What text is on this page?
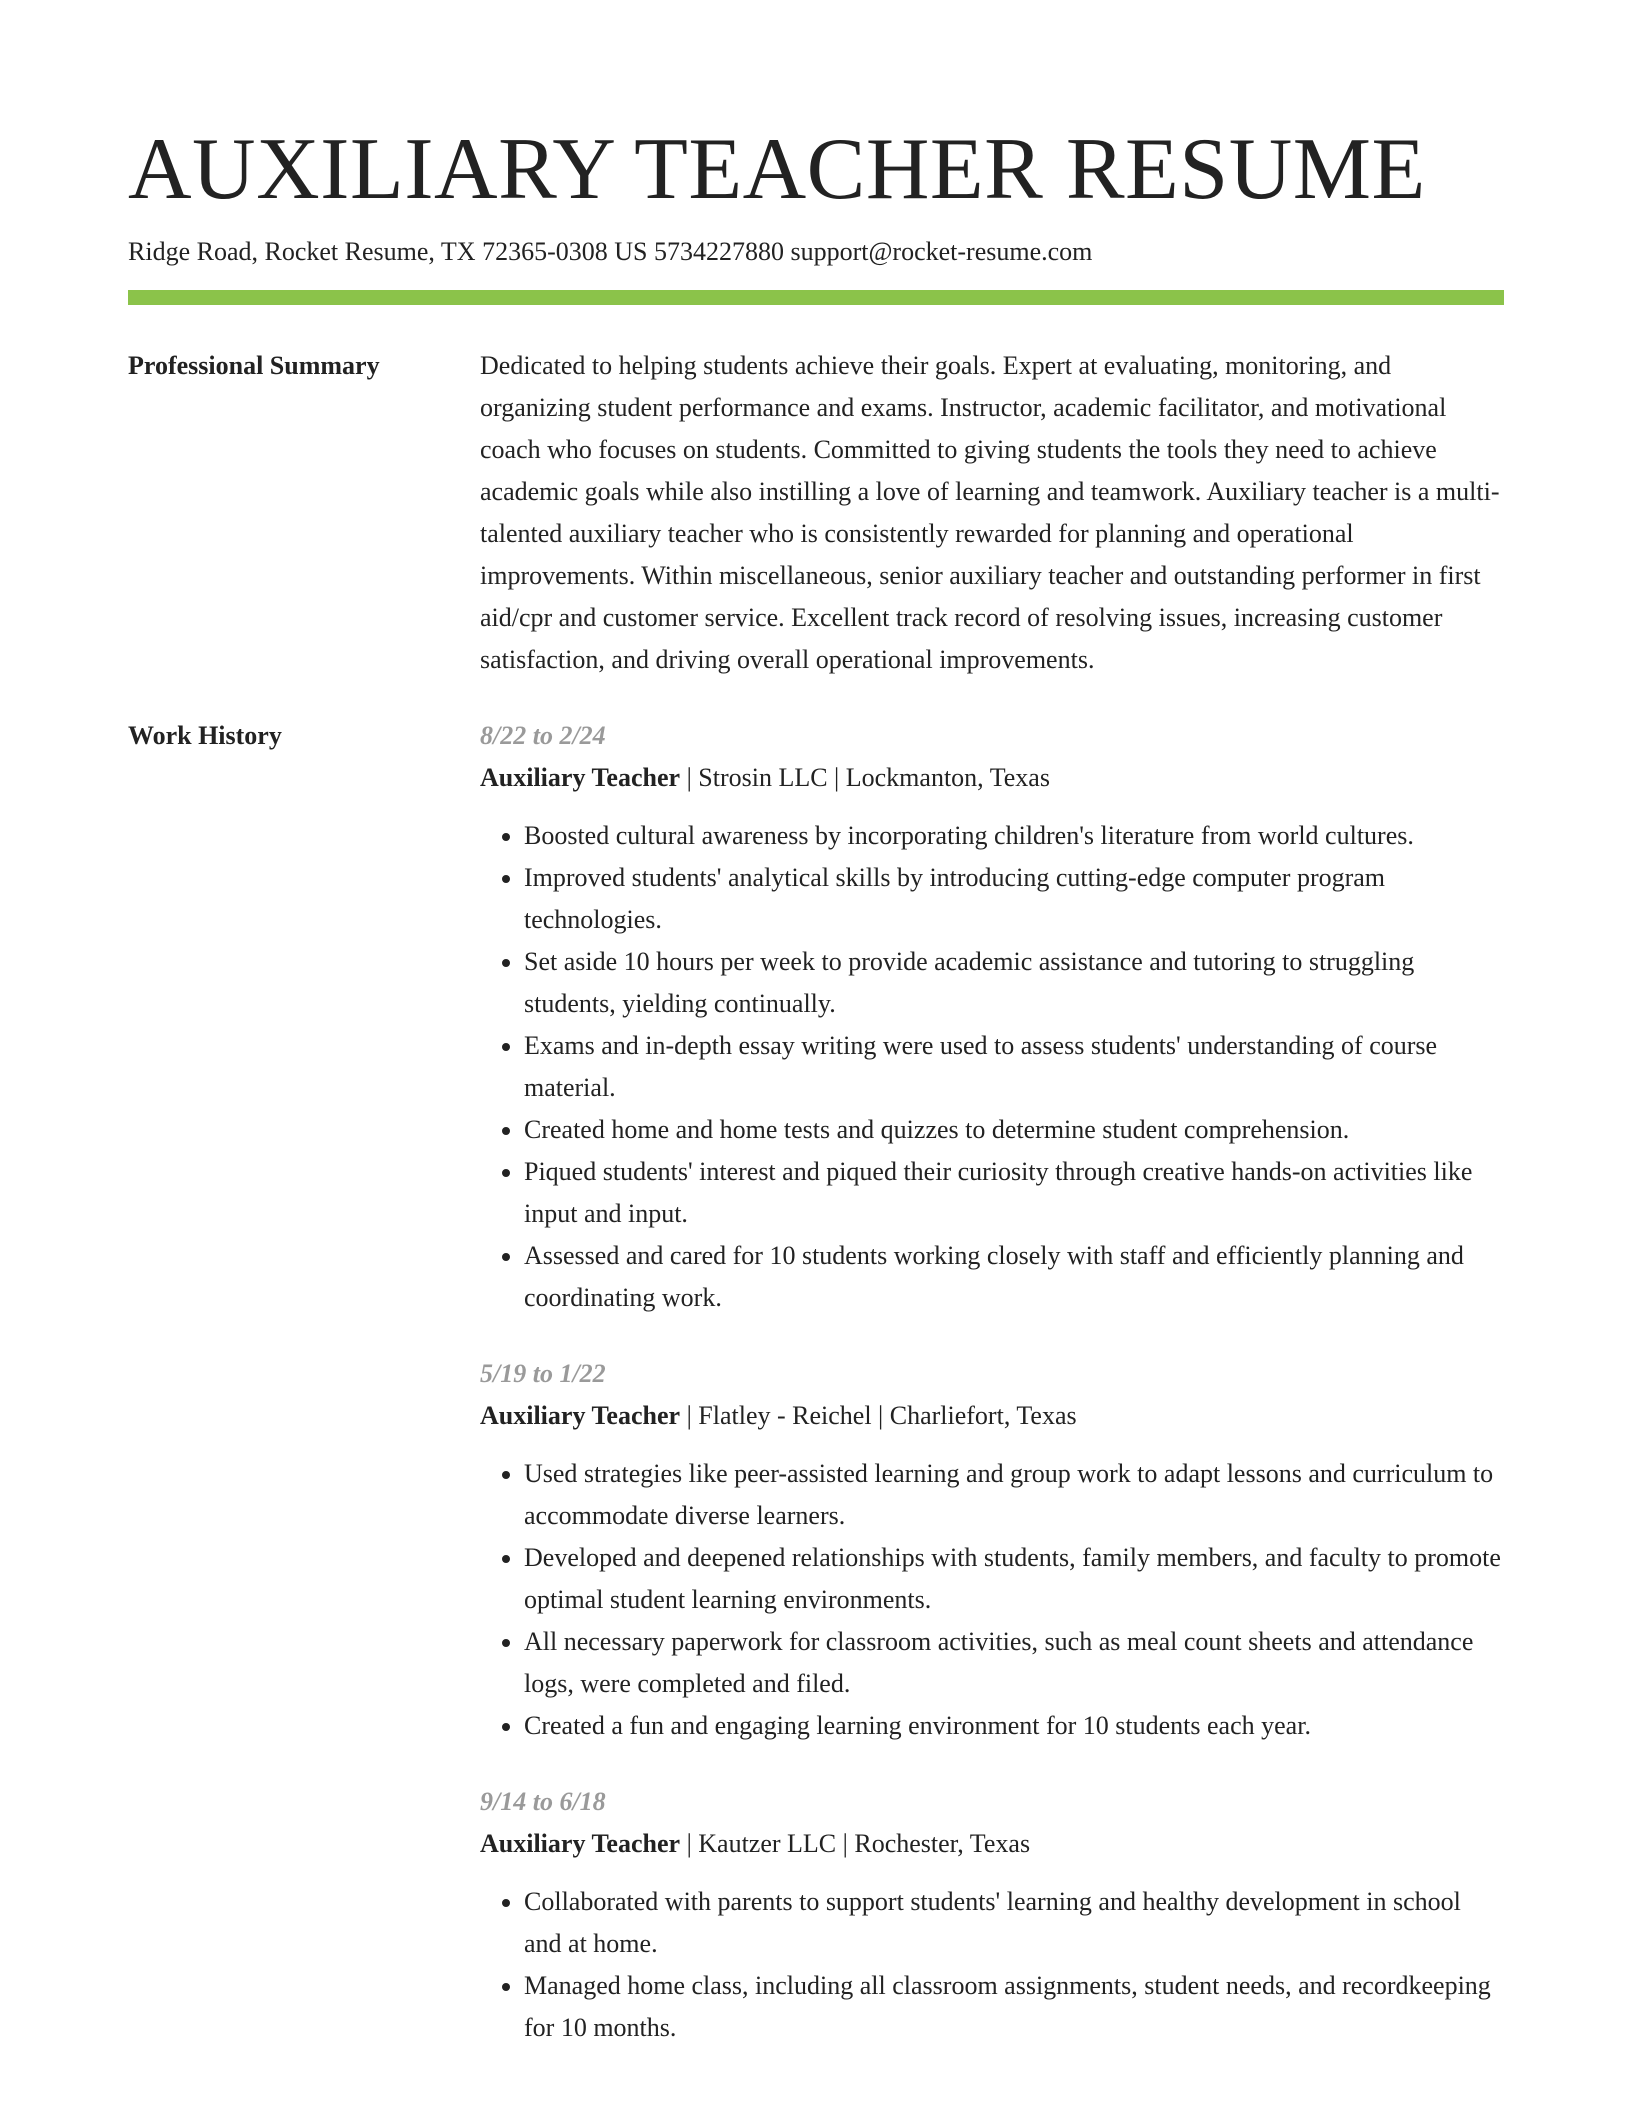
AUXILIARY TEACHER RESUME
Ridge Road, Rocket Resume, TX 72365-0308 US 5734227880 support@rocket-resume.com
Professional Summary	Dedicated to helping students achieve their goals. Expert at evaluating, monitoring, and organizing student performance and exams. Instructor, academic facilitator, and motivational coach who focuses on students. Committed to giving students the tools they need to achieve academic goals while also instilling a love of learning and teamwork. Auxiliary teacher is a multi-talented auxiliary teacher who is consistently rewarded for planning and operational improvements. Within miscellaneous, senior auxiliary teacher and outstanding performer in first aid/cpr and customer service. Excellent track record of resolving issues, increasing customer satisfaction, and driving overall operational improvements.

Work History	8/22 to 2/24
Auxiliary Teacher | Strosin LLC | Lockmanton, Texas
• Boosted cultural awareness by incorporating children's literature from world cultures.
• Improved students' analytical skills by introducing cutting-edge computer program technologies.
• Set aside 10 hours per week to provide academic assistance and tutoring to struggling students, yielding continually.
• Exams and in-depth essay writing were used to assess students' understanding of course material.
• Created home and home tests and quizzes to determine student comprehension.
• Piqued students' interest and piqued their curiosity through creative hands-on activities like input and input.
• Assessed and cared for 10 students working closely with staff and efficiently planning and coordinating work.
5/19 to 1/22
Auxiliary Teacher | Flatley - Reichel | Charliefort, Texas
• Used strategies like peer-assisted learning and group work to adapt lessons and curriculum to accommodate diverse learners.
• Developed and deepened relationships with students, family members, and faculty to promote optimal student learning environments.
• All necessary paperwork for classroom activities, such as meal count sheets and attendance logs, were completed and filed.
• Created a fun and engaging learning environment for 10 students each year.
9/14 to 6/18
Auxiliary Teacher | Kautzer LLC | Rochester, Texas
• Collaborated with parents to support students' learning and healthy development in school and at home.
• Managed home class, including all classroom assignments, student needs, and recordkeeping for 10 months.
